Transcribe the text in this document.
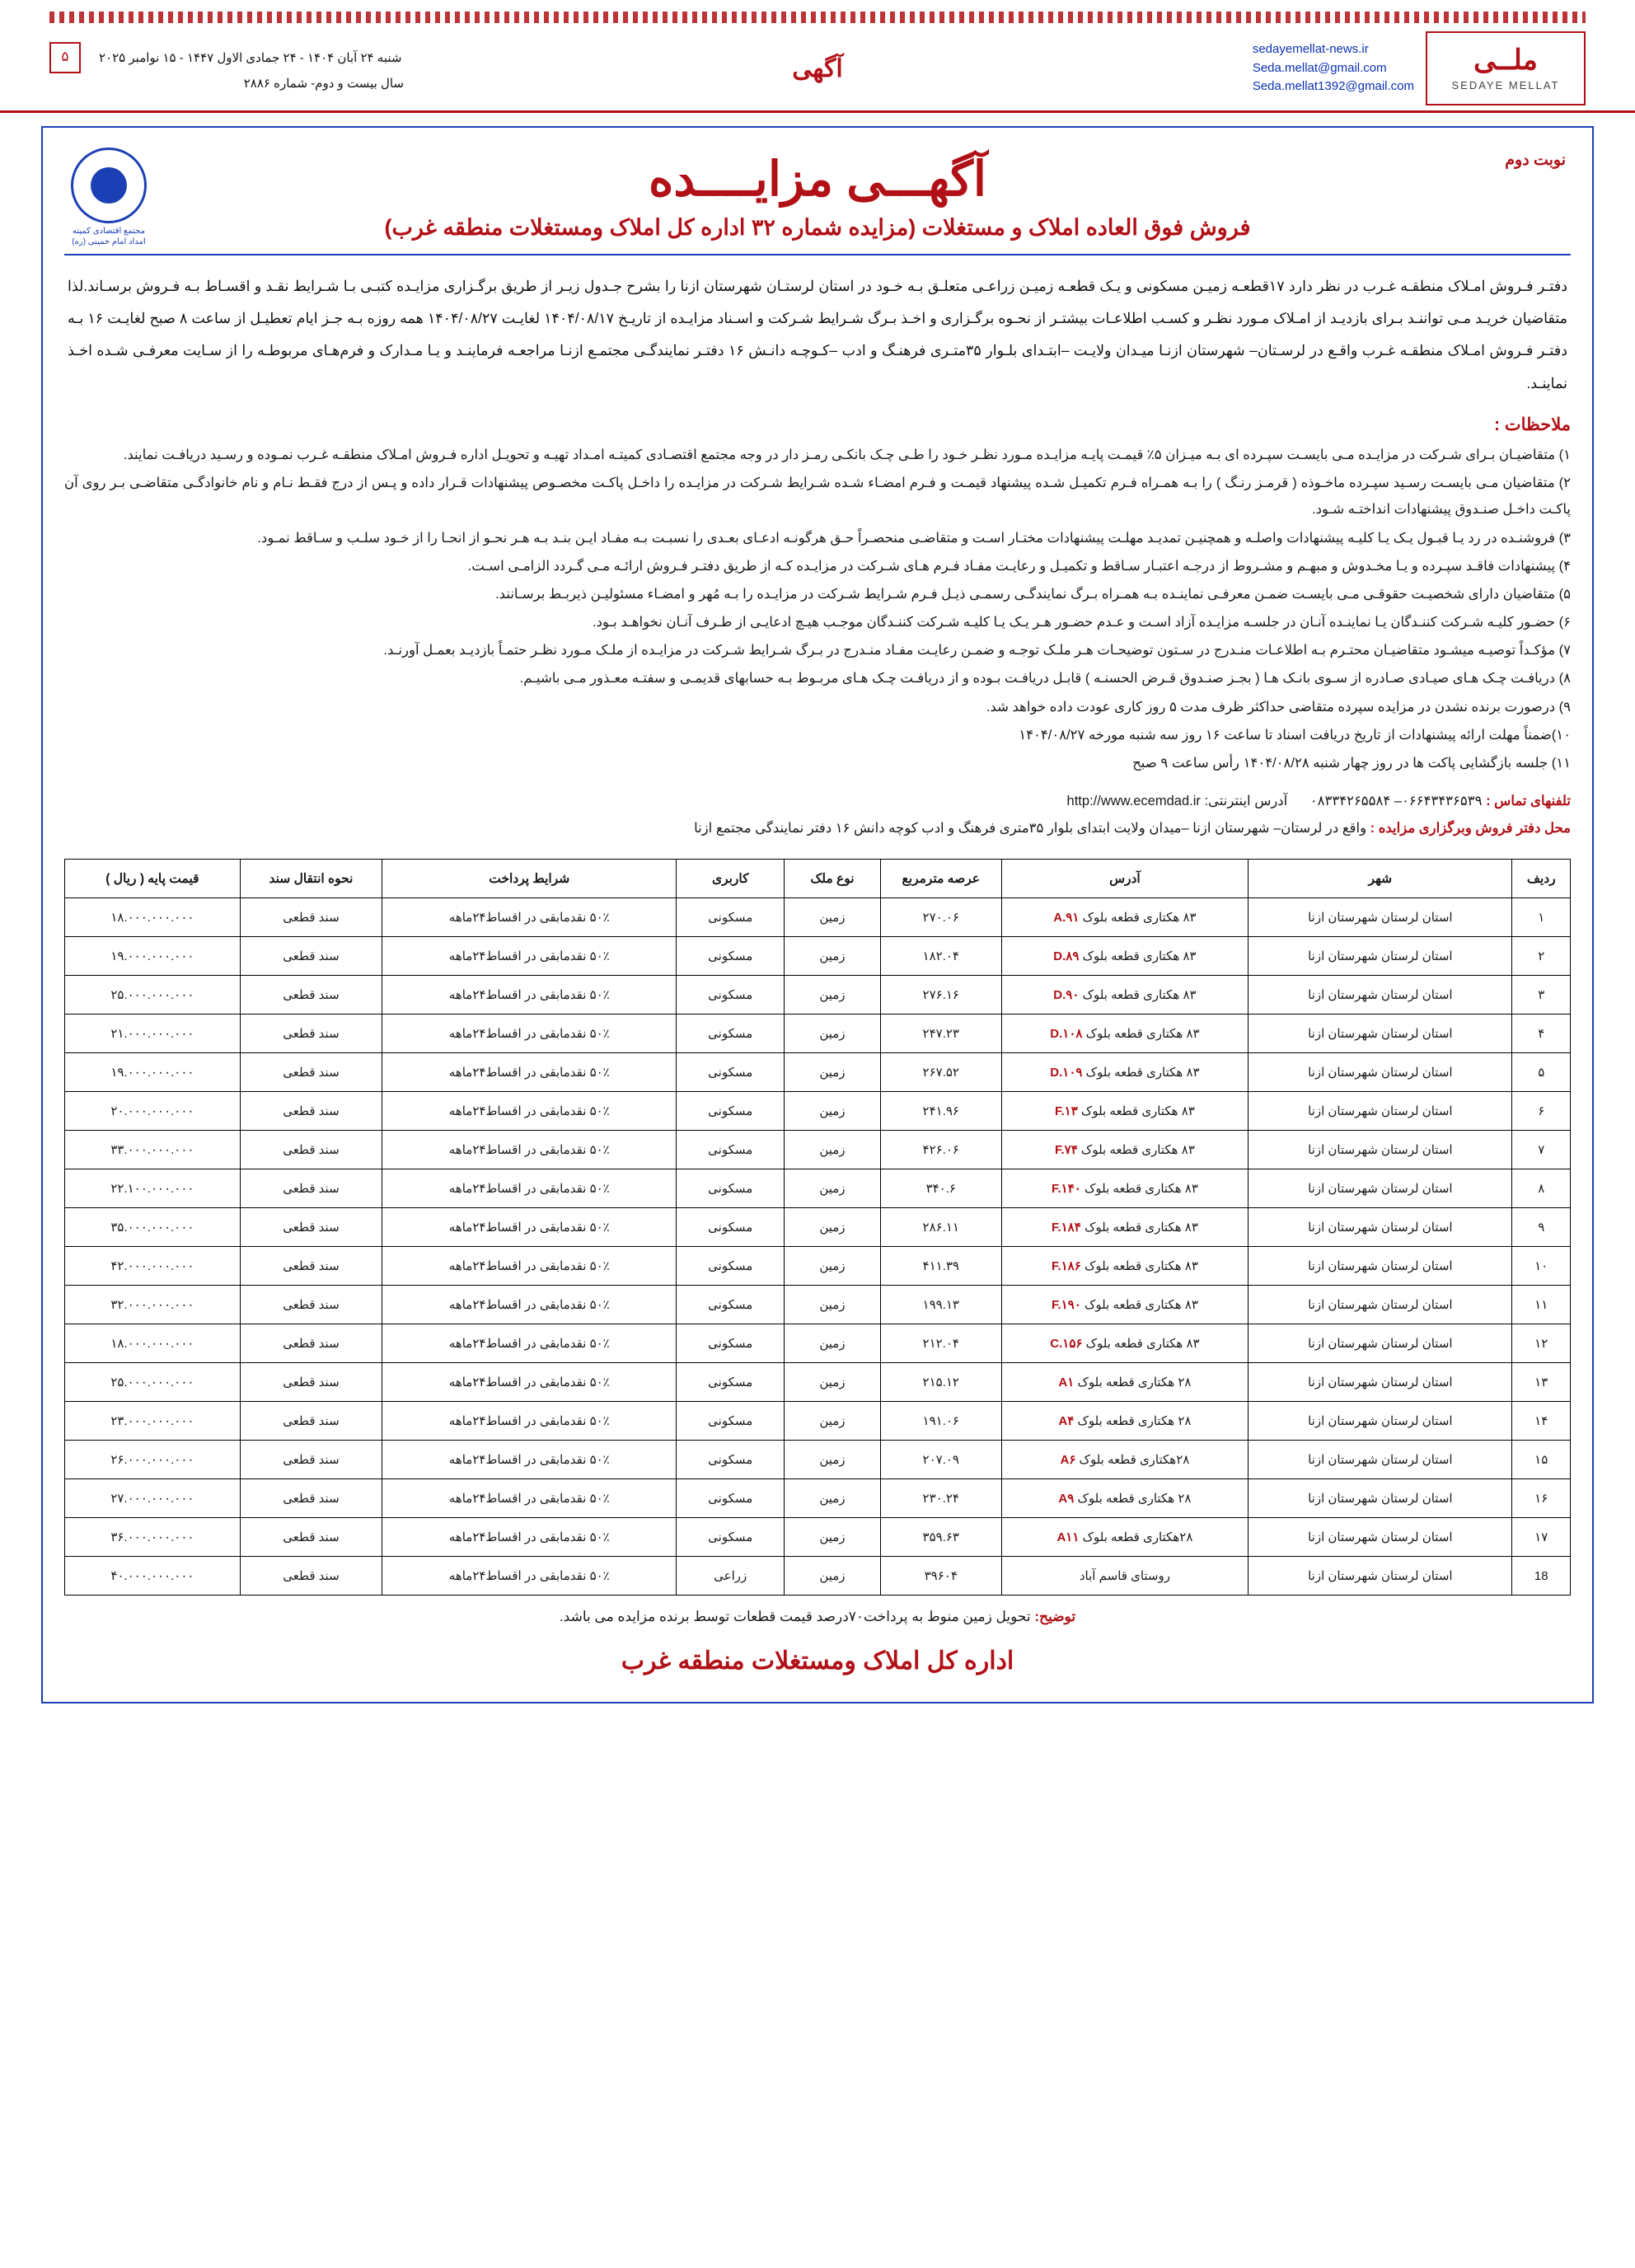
ملــی
SEDAYE MELLAT
sedayemellat-news.ir
Seda.mellat@gmail.com
Seda.mellat1392@gmail.com
آگهی
۵	شنبه ۲۴ آبان ۱۴۰۴ - ۲۴ جمادی الاول ۱۴۴۷ - ۱۵ نوامبر ۲۰۲۵
سال بیست و دوم- شماره ۲۸۸۶
نوبت دوم
مجتمع اقتصادی کمیته امداد امام خمینی (ره)
آگهـــی مزایــــده
فروش فوق العاده املاک و مستغلات (مزایده شماره ۳۲ اداره کل املاک ومستغلات منطقه غرب)

دفتـر فـروش امـلاک منطقـه غـرب در نظر دارد ۱۷قطعـه زمیـن مسکونی و یـک قطعـه زمیـن زراعـی متعلـق بـه خـود در استان لرستـان شهرستان ازنا را بشرح جـدول زیـر از طریق برگـزاری مزایـده کتبـی بـا شـرایط نقـد و اقسـاط بـه فـروش برسـاند.لذا متقاضیان خریـد مـی تواننـد بـرای بازدیـد از امـلاک مـورد نظـر و کسـب اطلاعـات بیشتـر از نحـوه برگـزاری و اخـذ بـرگ شـرایط شـرکت و اسـناد مزایـده از تاریـخ ۱۴۰۴/۰۸/۱۷ لغایـت ۱۴۰۴/۰۸/۲۷ همه روزه بـه جـز ایام تعطیـل از ساعت ۸ صبح لغایـت ۱۶ بـه دفتـر فـروش امـلاک منطقـه غـرب واقـع در لرسـتان– شهرستان ازنـا میـدان ولایـت –ابتـدای بلـوار ۳۵متـری فرهنـگ و ادب –کـوچـه دانـش ۱۶ دفتـر نمایندگـی مجتمـع ازنـا مراجعـه فرماینـد و یـا مـدارک و فرم‌هـای مربوطـه را از سـایت معرفـی شـده اخـذ نماینـد.

ملاحظات :
۱) متقاضیـان بـرای شـرکت در مزایـده مـی بایسـت سپـرده ای بـه میـزان ۵٪ قیمـت پایـه مزایـده مـورد نظـر خـود را طـی چـک بانکـی رمـز دار در وجه مجتمع اقتصـادی کمیتـه امـداد تهیـه و تحویـل اداره فـروش امـلاک منطقـه غـرب نمـوده و رسـید دریافـت نمایند.
۲) متقاضیان مـی بایسـت رسـید سپـرده ماخـوذه ( قرمـز رنـگ ) را بـه همـراه فـرم تکمیـل شـده پیشنهاد قیمـت و فـرم امضـاء شـده شـرایط شـرکت در مزایـده را داخـل پاکـت مخصـوص پیشنهادات قـرار داده و پـس از درج فقـط نـام و نام خانوادگـی متقاضـی بـر روی آن پاکـت داخـل صنـدوق پیشنهادات انداختـه شـود.
۳) فروشنـده در رد یـا قبـول یـک یـا کلیـه پیشنهادات واصلـه و همچنیـن تمدیـد مهلـت پیشنهادات مختـار اسـت و متقاضـی منحصـراً حـق هرگونـه ادعـای بعـدی را نسبـت بـه مفـاد ایـن بنـد بـه هـر نحـو از انحـا را از خـود سلـب و سـاقط نمـود.
۴) پیشنهادات فاقـد سپـرده و یـا مخـدوش و مبهـم و مشـروط از درجـه اعتبـار سـاقط و تکمیـل و رعایـت مفـاد فـرم هـای شـرکت در مزایـده کـه از طریق دفتـر فـروش ارائـه مـی گـردد الزامـی اسـت.
۵) متقاضیان دارای شخصیـت حقوقـی مـی بایسـت ضمـن معرفـی نماینـده بـه همـراه بـرگ نمایندگـی رسمـی ذیـل فـرم شـرایط شـرکت در مزایـده را بـه مُهر و امضـاء مسئولیـن ذیربـط برسـانند.
۶) حضـور کلیـه شـرکت کننـدگان یـا نماینـده آنـان در جلسـه مزایـده آزاد اسـت و عـدم حضـور هـر یـک یـا کلیـه شـرکت کننـدگان موجـب هیـچ ادعایـی از طـرف آنـان نخواهـد بـود.
۷) مؤکـداً توصیـه میشـود متقاضیـان محتـرم بـه اطلاعـات منـدرج در سـتون توضیحـات هـر ملـک توجـه و ضمـن رعایـت مفـاد منـدرج در بـرگ شـرایط شـرکت در مزایـده از ملـک مـورد نظـر حتمـاً بازدیـد بعمـل آورنـد.
۸) دریافـت چـک هـای صیـادی صـادره از سـوی بانـک هـا ( بجـز صنـدوق قـرض الحسنـه ) قابـل دریافـت بـوده و از دریافـت چـک هـای مربـوط بـه حسابهای قدیمـی و سفتـه معـذور مـی باشیـم.
۹) درصورت برنده نشدن در مزایده سپرده متقاضی حداکثر ظرف مدت ۵ روز کاری عودت داده خواهد شد.
۱۰)ضمناً مهلت ارائه پیشنهادات از تاریخ دریافت اسناد تا ساعت ۱۶ روز سه شنبه مورخه ۱۴۰۴/۰۸/۲۷
۱۱) جلسه بازگشایی پاکت ها در روز چهار شنبه ۱۴۰۴/۰۸/۲۸ رأس ساعت ۹ صبح
تلفنهای تماس : ۰۸۳۳۴۲۶۵۵۸۴ –۰۶۶۴۳۴۳۶۵۳۹      آدرس اینترنتی: http://www.ecemdad.ir
محل دفتر فروش وبرگزاری مزایده : واقع در لرستان– شهرستان ازنا –میدان ولایت ابتدای بلوار ۳۵متری فرهنگ و ادب کوچه دانش ۱۶ دفتر نمایندگی مجتمع ازنا
ردیف	شهر	آدرس	عرصه مترمربع	نوع ملک	کاربری	شرایط پرداخت	نحوه انتقال سند	قیمت پایه ( ریال )
۱	استان لرستان شهرستان ازنا	۸۳ هکتاری قطعه بلوک A.۹۱	۲۷۰.۰۶	زمین	مسکونی	۵۰٪ نقدمابقی در اقساط۲۴ماهه	سند قطعی	۱۸.۰۰۰.۰۰۰.۰۰۰
۲	استان لرستان شهرستان ازنا	۸۳ هکتاری قطعه بلوک D.۸۹	۱۸۲.۰۴	زمین	مسکونی	۵۰٪ نقدمابقی در اقساط۲۴ماهه	سند قطعی	۱۹.۰۰۰.۰۰۰.۰۰۰
۳	استان لرستان شهرستان ازنا	۸۳ هکتاری قطعه بلوک D.۹۰	۲۷۶.۱۶	زمین	مسکونی	۵۰٪ نقدمابقی در اقساط۲۴ماهه	سند قطعی	۲۵.۰۰۰.۰۰۰.۰۰۰
۴	استان لرستان شهرستان ازنا	۸۳ هکتاری قطعه بلوک D.۱۰۸	۲۴۷.۲۳	زمین	مسکونی	۵۰٪ نقدمابقی در اقساط۲۴ماهه	سند قطعی	۲۱.۰۰۰.۰۰۰.۰۰۰
۵	استان لرستان شهرستان ازنا	۸۳ هکتاری قطعه بلوک D.۱۰۹	۲۶۷.۵۲	زمین	مسکونی	۵۰٪ نقدمابقی در اقساط۲۴ماهه	سند قطعی	۱۹.۰۰۰.۰۰۰.۰۰۰
۶	استان لرستان شهرستان ازنا	۸۳ هکتاری قطعه بلوک F.۱۳	۲۴۱.۹۶	زمین	مسکونی	۵۰٪ نقدمابقی در اقساط۲۴ماهه	سند قطعی	۲۰.۰۰۰.۰۰۰.۰۰۰
۷	استان لرستان شهرستان ازنا	۸۳ هکتاری قطعه بلوک F.۷۴	۴۲۶.۰۶	زمین	مسکونی	۵۰٪ نقدمابقی در اقساط۲۴ماهه	سند قطعی	۳۳.۰۰۰.۰۰۰.۰۰۰
۸	استان لرستان شهرستان ازنا	۸۳ هکتاری قطعه بلوک F.۱۴۰	۳۴۰.۶	زمین	مسکونی	۵۰٪ نقدمابقی در اقساط۲۴ماهه	سند قطعی	۲۲.۱۰۰.۰۰۰.۰۰۰
۹	استان لرستان شهرستان ازنا	۸۳ هکتاری قطعه بلوک F.۱۸۴	۲۸۶.۱۱	زمین	مسکونی	۵۰٪ نقدمابقی در اقساط۲۴ماهه	سند قطعی	۳۵.۰۰۰.۰۰۰.۰۰۰
۱۰	استان لرستان شهرستان ازنا	۸۳ هکتاری قطعه بلوک F.۱۸۶	۴۱۱.۳۹	زمین	مسکونی	۵۰٪ نقدمابقی در اقساط۲۴ماهه	سند قطعی	۴۲.۰۰۰.۰۰۰.۰۰۰
۱۱	استان لرستان شهرستان ازنا	۸۳ هکتاری قطعه بلوک F.۱۹۰	۱۹۹.۱۳	زمین	مسکونی	۵۰٪ نقدمابقی در اقساط۲۴ماهه	سند قطعی	۳۲.۰۰۰.۰۰۰.۰۰۰
۱۲	استان لرستان شهرستان ازنا	۸۳ هکتاری قطعه بلوک C.۱۵۶	۲۱۲.۰۴	زمین	مسکونی	۵۰٪ نقدمابقی در اقساط۲۴ماهه	سند قطعی	۱۸.۰۰۰.۰۰۰.۰۰۰
۱۳	استان لرستان شهرستان ازنا	۲۸ هکتاری قطعه بلوک A۱	۲۱۵.۱۲	زمین	مسکونی	۵۰٪ نقدمابقی در اقساط۲۴ماهه	سند قطعی	۲۵.۰۰۰.۰۰۰.۰۰۰
۱۴	استان لرستان شهرستان ازنا	۲۸ هکتاری قطعه بلوک A۴	۱۹۱.۰۶	زمین	مسکونی	۵۰٪ نقدمابقی در اقساط۲۴ماهه	سند قطعی	۲۳.۰۰۰.۰۰۰.۰۰۰
۱۵	استان لرستان شهرستان ازنا	۲۸هکتاری قطعه بلوک A۶	۲۰۷.۰۹	زمین	مسکونی	۵۰٪ نقدمابقی در اقساط۲۴ماهه	سند قطعی	۲۶.۰۰۰.۰۰۰.۰۰۰
۱۶	استان لرستان شهرستان ازنا	۲۸ هکتاری قطعه بلوک A۹	۲۳۰.۲۴	زمین	مسکونی	۵۰٪ نقدمابقی در اقساط۲۴ماهه	سند قطعی	۲۷.۰۰۰.۰۰۰.۰۰۰
۱۷	استان لرستان شهرستان ازنا	۲۸هکتاری قطعه بلوک A۱۱	۳۵۹.۶۳	زمین	مسکونی	۵۰٪ نقدمابقی در اقساط۲۴ماهه	سند قطعی	۳۶.۰۰۰.۰۰۰.۰۰۰
18	استان لرستان شهرستان ازنا	روستای قاسم آباد	۳۹۶۰۴	زمین	زراعی	۵۰٪ نقدمابقی در اقساط۲۴ماهه	سند قطعی	۴۰.۰۰۰.۰۰۰.۰۰۰
توضیح: تحویل زمین منوط به پرداخت۷۰درصد قیمت قطعات توسط برنده مزایده می باشد.
اداره کل املاک ومستغلات منطقه غرب
